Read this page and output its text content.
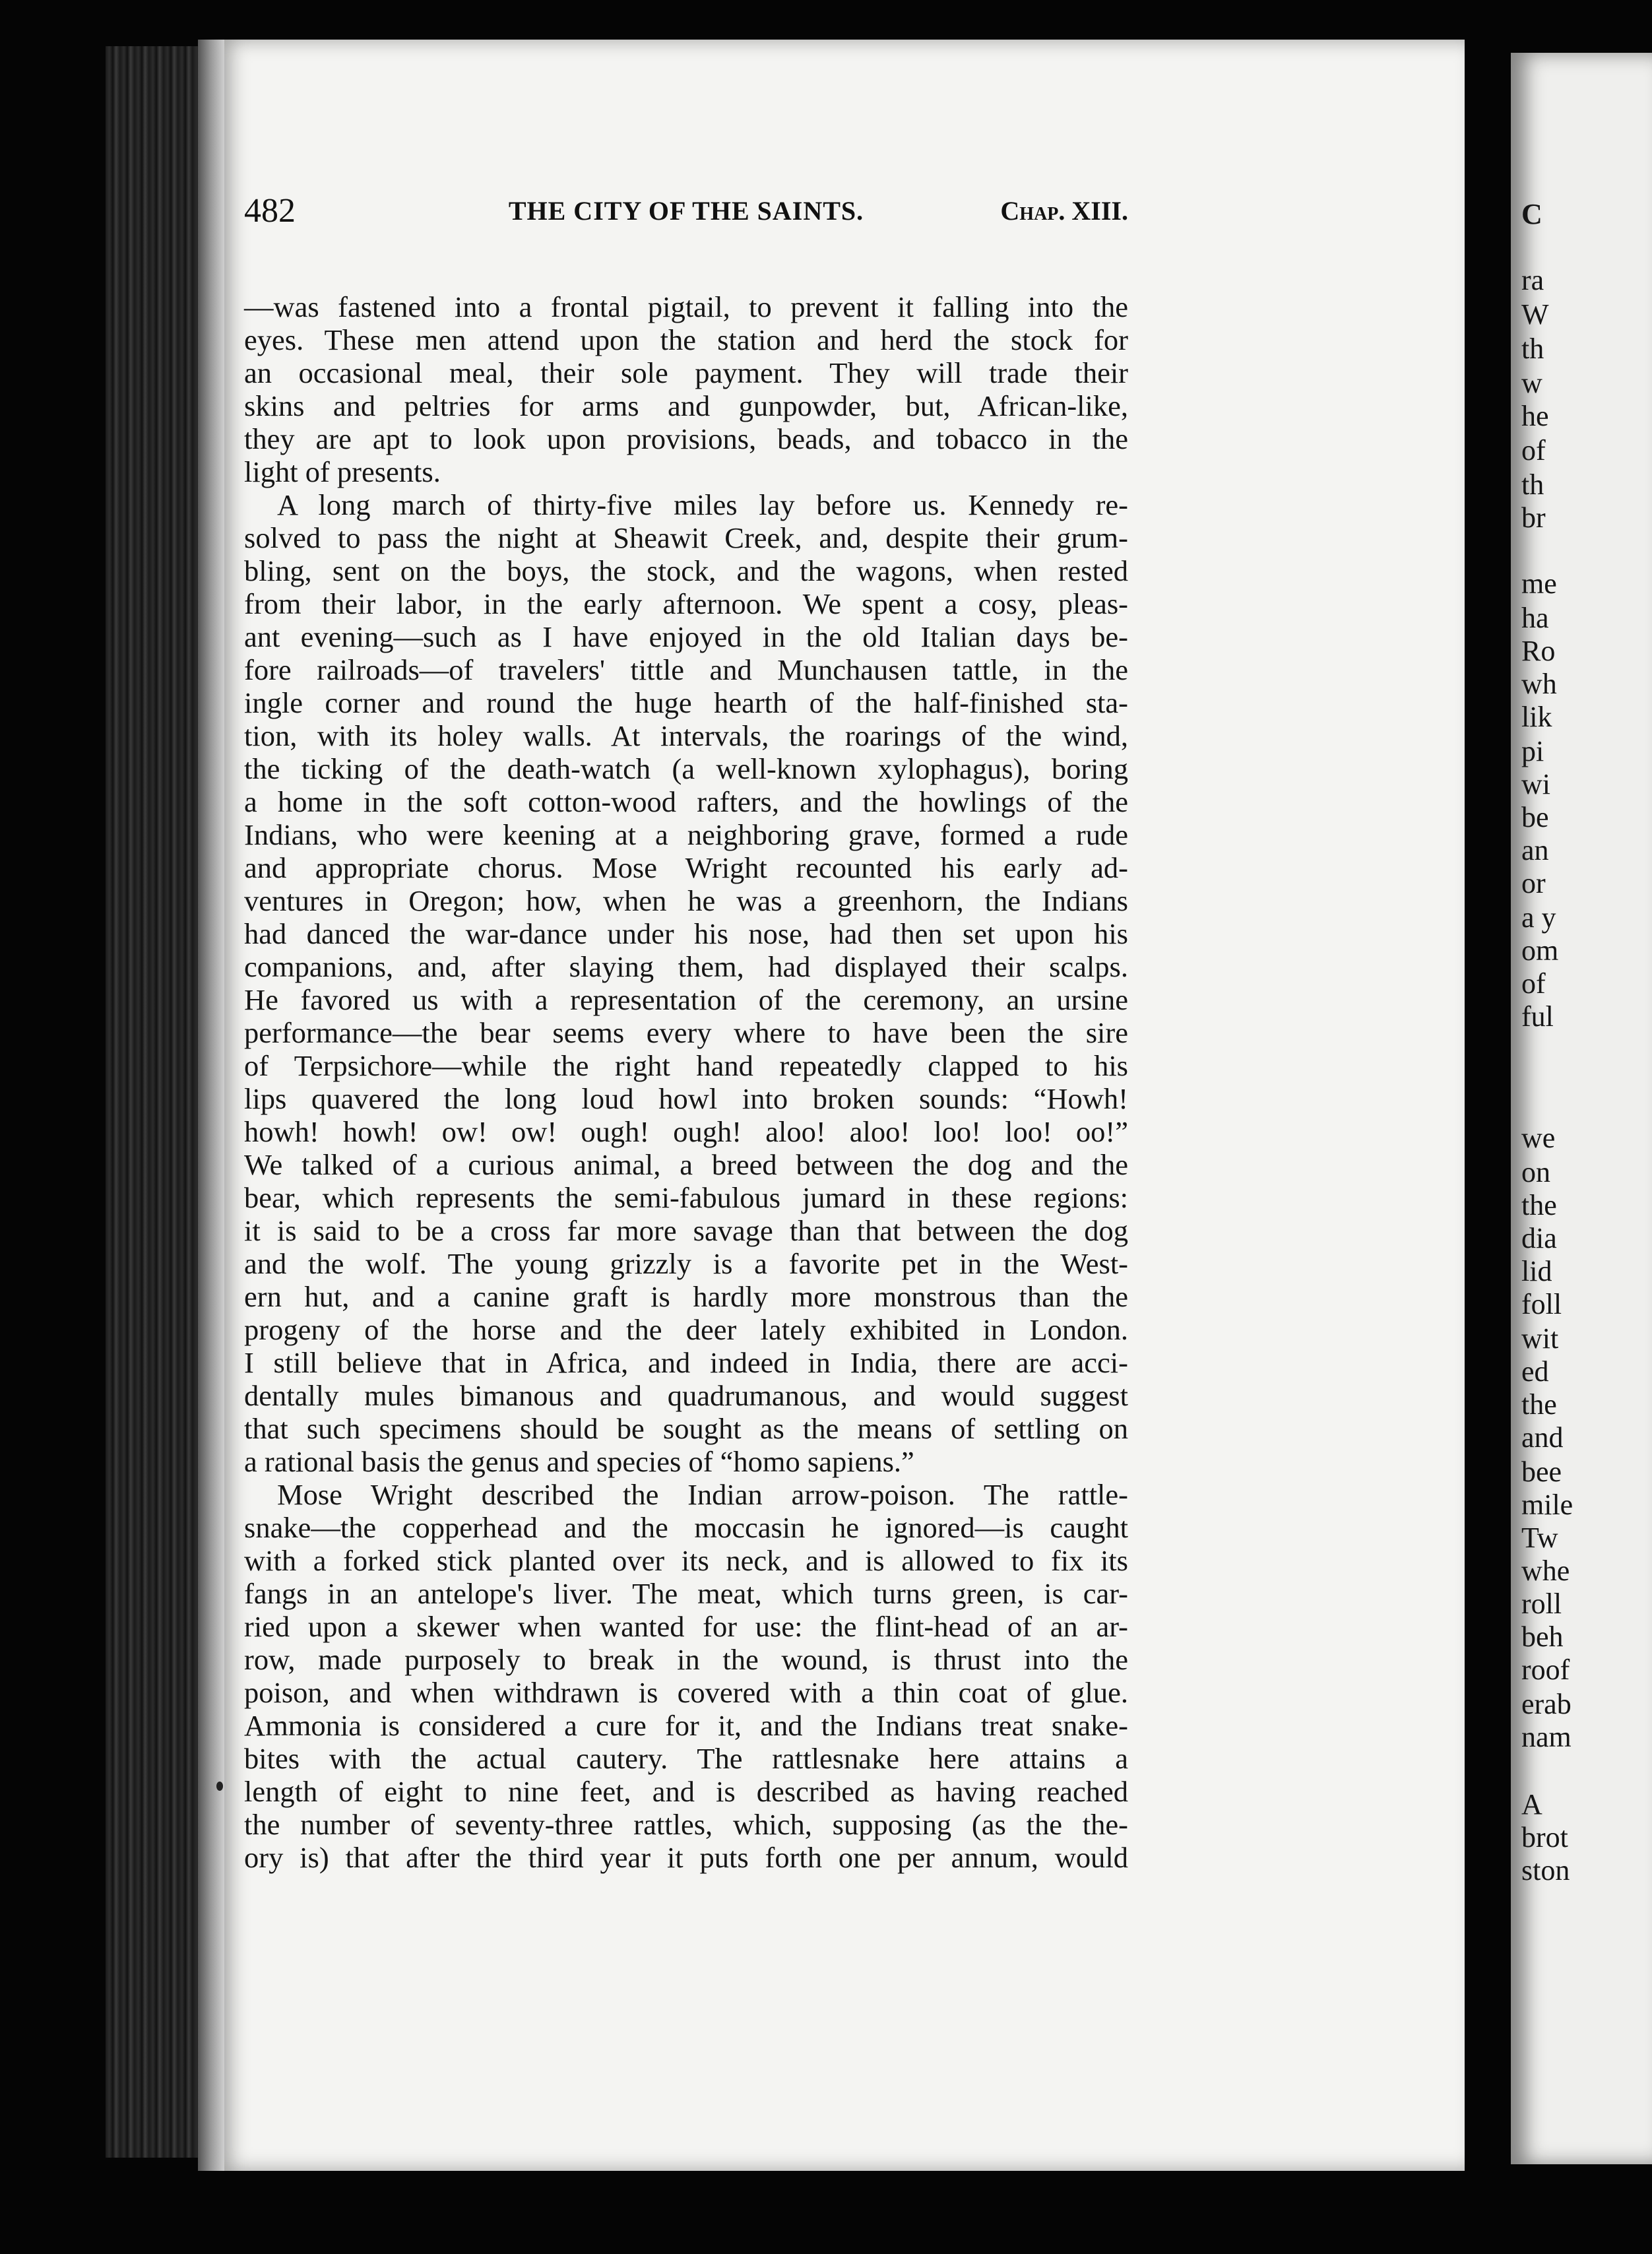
482	THE CITY OF THE SAINTS.	Chap. XIII.
—was fastened into a frontal pigtail, to prevent it falling into the
eyes. These men attend upon the station and herd the stock for
an occasional meal, their sole payment. They will trade their
skins and peltries for arms and gunpowder, but, African-like,
they are apt to look upon provisions, beads, and tobacco in the
light of presents.
A long march of thirty-five miles lay before us. Kennedy re-
solved to pass the night at Sheawit Creek, and, despite their grum-
bling, sent on the boys, the stock, and the wagons, when rested
from their labor, in the early afternoon. We spent a cosy, pleas-
ant evening—such as I have enjoyed in the old Italian days be-
fore railroads—of travelers' tittle and Munchausen tattle, in the
ingle corner and round the huge hearth of the half-finished sta-
tion, with its holey walls. At intervals, the roarings of the wind,
the ticking of the death-watch (a well-known xylophagus), boring
a home in the soft cotton-wood rafters, and the howlings of the
Indians, who were keening at a neighboring grave, formed a rude
and appropriate chorus. Mose Wright recounted his early ad-
ventures in Oregon; how, when he was a greenhorn, the Indians
had danced the war-dance under his nose, had then set upon his
companions, and, after slaying them, had displayed their scalps.
He favored us with a representation of the ceremony, an ursine
performance—the bear seems every where to have been the sire
of Terpsichore—while the right hand repeatedly clapped to his
lips quavered the long loud howl into broken sounds: “Howh!
howh! howh! ow! ow! ough! ough! aloo! aloo! loo! loo! oo!”
We talked of a curious animal, a breed between the dog and the
bear, which represents the semi-fabulous jumard in these regions:
it is said to be a cross far more savage than that between the dog
and the wolf. The young grizzly is a favorite pet in the West-
ern hut, and a canine graft is hardly more monstrous than the
progeny of the horse and the deer lately exhibited in London.
I still believe that in Africa, and indeed in India, there are acci-
dentally mules bimanous and quadrumanous, and would suggest
that such specimens should be sought as the means of settling on
a rational basis the genus and species of “homo sapiens.”
Mose Wright described the Indian arrow-poison. The rattle-
snake—the copperhead and the moccasin he ignored—is caught
with a forked stick planted over its neck, and is allowed to fix its
fangs in an antelope's liver. The meat, which turns green, is car-
ried upon a skewer when wanted for use: the flint-head of an ar-
row, made purposely to break in the wound, is thrust into the
poison, and when withdrawn is covered with a thin coat of glue.
Ammonia is considered a cure for it, and the Indians treat snake-
bites with the actual cautery. The rattlesnake here attains a
length of eight to nine feet, and is described as having reached
the number of seventy-three rattles, which, supposing (as the the-
ory is) that after the third year it puts forth one per annum, would
C
ra
W
th
w
he
of
th
br
me
ha
Ro
wh
lik
pi
wi
be
an
or
a y
om
of
ful
we
on
the
dia
lid
foll
wit
ed
the
and
bee
mile
Tw
whe
roll
beh
roof
erab
nam
A
brot
ston
